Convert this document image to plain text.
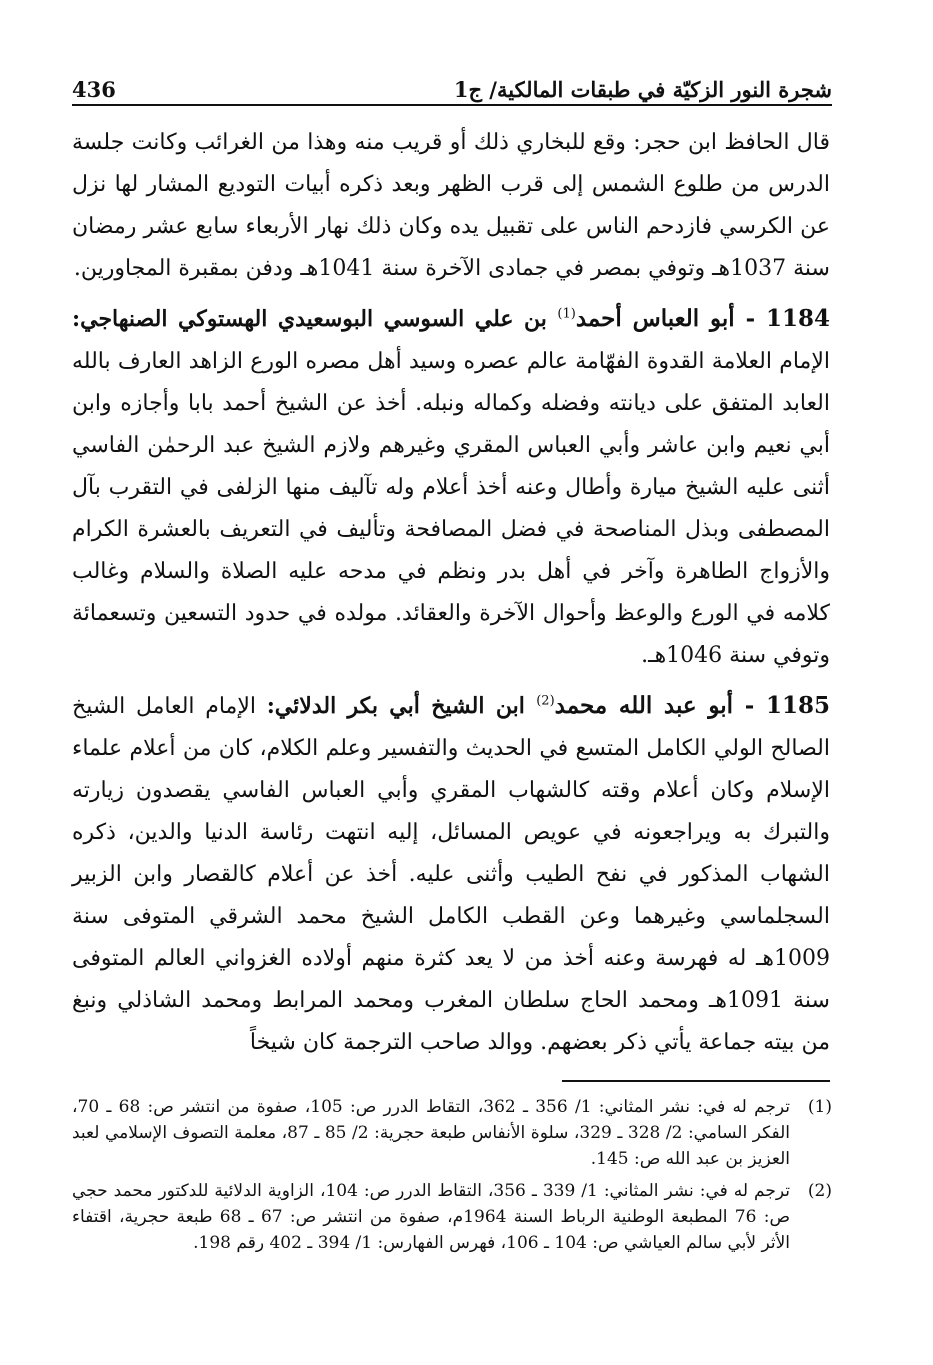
436	شجرة النور الزكيّة في طبقات المالكية/ ج1

قال الحافظ ابن حجر: وقع للبخاري ذلك أو قريب منه وهذا من الغرائب وكانت جلسة الدرس من طلوع الشمس إلى قرب الظهر وبعد ذكره أبيات التوديع المشار لها نزل عن الكرسي فازدحم الناس على تقبيل يده وكان ذلك نهار الأربعاء سابع عشر رمضان سنة 1037هـ وتوفي بمصر في جمادى الآخرة سنة 1041هـ ودفن بمقبرة المجاورين.

1184 - أبو العباس أحمد$^{(1)}$ بن علي السوسي البوسعيدي الهستوكي الصنهاجي: الإمام العلامة القدوة الفهّامة عالم عصره وسيد أهل مصره الورع الزاهد العارف بالله العابد المتفق على ديانته وفضله وكماله ونبله. أخذ عن الشيخ أحمد بابا وأجازه وابن أبي نعيم وابن عاشر وأبي العباس المقري وغيرهم ولازم الشيخ عبد الرحمٰن الفاسي أثنى عليه الشيخ ميارة وأطال وعنه أخذ أعلام وله تآليف منها الزلفى في التقرب بآل المصطفى وبذل المناصحة في فضل المصافحة وتأليف في التعريف بالعشرة الكرام والأزواج الطاهرة وآخر في أهل بدر ونظم في مدحه عليه الصلاة والسلام وغالب كلامه في الورع والوعظ وأحوال الآخرة والعقائد. مولده في حدود التسعين وتسعمائة وتوفي سنة 1046هـ.

1185 - أبو عبد الله محمد$^{(2)}$ ابن الشيخ أبي بكر الدلائي: الإمام العامل الشيخ الصالح الولي الكامل المتسع في الحديث والتفسير وعلم الكلام، كان من أعلام علماء الإسلام وكان أعلام وقته كالشهاب المقري وأبي العباس الفاسي يقصدون زيارته والتبرك به ويراجعونه في عويص المسائل، إليه انتهت رئاسة الدنيا والدين، ذكره الشهاب المذكور في نفح الطيب وأثنى عليه. أخذ عن أعلام كالقصار وابن الزبير السجلماسي وغيرهما وعن القطب الكامل الشيخ محمد الشرقي المتوفى سنة 1009هـ له فهرسة وعنه أخذ من لا يعد كثرة منهم أولاده الغزواني العالم المتوفى سنة 1091هـ ومحمد الحاج سلطان المغرب ومحمد المرابط ومحمد الشاذلي ونبغ من بيته جماعة يأتي ذكر بعضهم. ووالد صاحب الترجمة كان شيخاً

(1)
ترجم له في: نشر المثاني: 1/ 356 ـ 362، التقاط الدرر ص: 105، صفوة من انتشر ص: 68 ـ 70، الفكر السامي: 2/ 328 ـ 329، سلوة الأنفاس طبعة حجرية: 2/ 85 ـ 87، معلمة التصوف الإسلامي لعبد العزيز بن عبد الله ص: 145.
(2)
ترجم له في: نشر المثاني: 1/ 339 ـ 356، التقاط الدرر ص: 104، الزاوية الدلائية للدكتور محمد حجي ص: 76 المطبعة الوطنية الرباط السنة 1964م، صفوة من انتشر ص: 67 ـ 68 طبعة حجرية، اقتفاء الأثر لأبي سالم العياشي ص: 104 ـ 106، فهرس الفهارس: 1/ 394 ـ 402 رقم 198.
